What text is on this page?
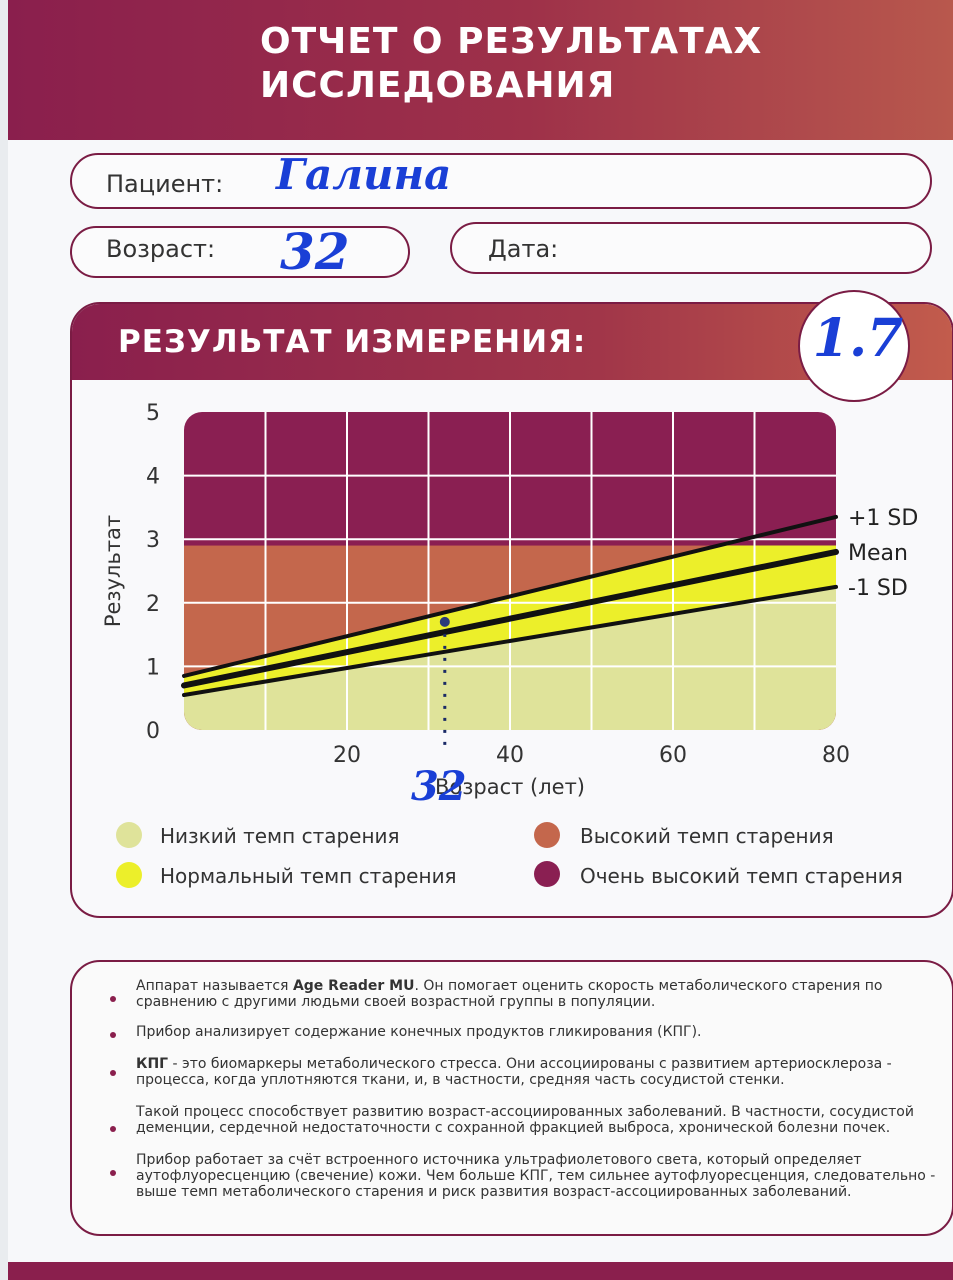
ОТЧЕТ О РЕЗУЛЬТАТАХ
ИССЛЕДОВАНИЯ
Пациент: Галина
Возраст: 32	Дата:
РЕЗУЛЬТАТ ИЗМЕРЕНИЯ:
+1 SD
Mean
-1 SD
0
1
2
3
4
5
20	40	60	80
Возраст (лет)
Результат
32
Низкий темп старения	Высокий темп старения
Нормальный темп старения	Очень высокий темп старения
1.7
Аппарат называется Age Reader MU. Он помогает оценить скорость метаболического старения по сравнению с другими людьми своей возрастной группы в популяции.
Прибор анализирует содержание конечных продуктов гликирования (КПГ).
КПГ - это биомаркеры метаболического стресса. Они ассоциированы с развитием артериосклероза - процесса, когда уплотняются ткани, и, в частности, средняя часть сосудистой стенки.
Такой процесс способствует развитию возраст-ассоциированных заболеваний. В частности, сосудистой деменции, сердечной недостаточности с сохранной фракцией выброса, хронической болезни почек.
Прибор работает за счёт встроенного источника ультрафиолетового света, который определяет аутофлуоресценцию (свечение) кожи. Чем больше КПГ, тем сильнее аутофлуоресценция, следовательно - выше темп метаболического старения и риск развития возраст-ассоциированных заболеваний.
